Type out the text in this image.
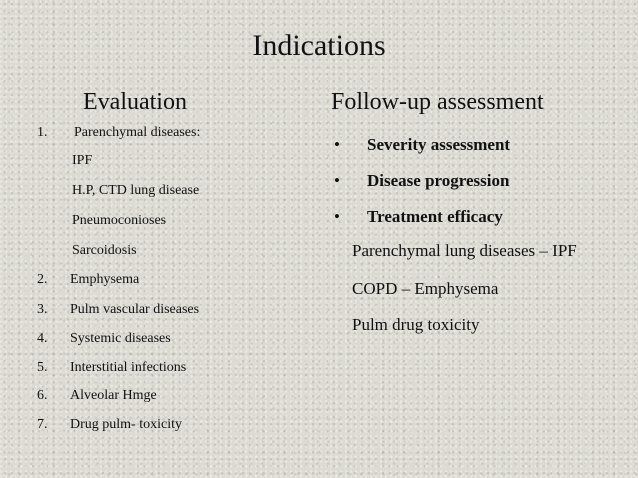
Indications
Evaluation	Follow-up assessment
1.	Parenchymal diseases:
IPF
H.P, CTD lung disease
Pneumoconioses
Sarcoidosis
2.	Emphysema
3.	Pulm vascular diseases
4.	Systemic diseases
5.	Interstitial infections
6.	Alveolar Hmge
7.	Drug pulm- toxicity
• Severity assessment
• Disease progression
• Treatment efficacy
Parenchymal lung diseases – IPF
COPD – Emphysema
Pulm drug toxicity
